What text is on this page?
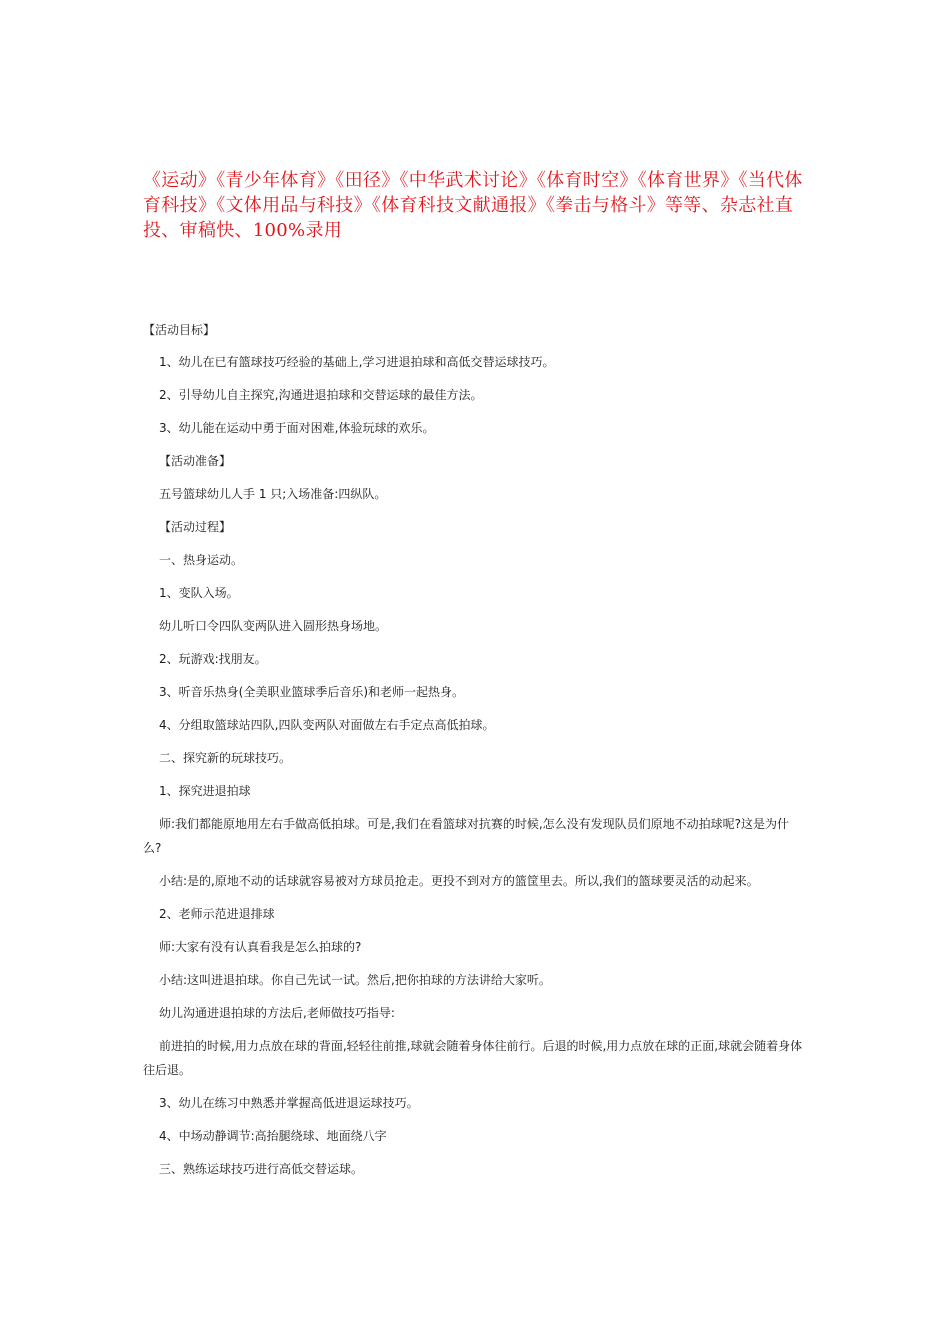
《运动》《青少年体育》《田径》《中华武术讨论》《体育时空》《体育世界》《当代体育科技》《文体用品与科技》《体育科技文献通报》《拳击与格斗》等等、杂志社直投、审稿快、100%录用

【活动目标】

1、幼儿在已有篮球技巧经验的基础上,学习进退拍球和高低交替运球技巧。

2、引导幼儿自主探究,沟通进退拍球和交替运球的最佳方法。

3、幼儿能在运动中勇于面对困难,体验玩球的欢乐。

【活动准备】

五号篮球幼儿人手 1 只;入场准备:四纵队。

【活动过程】

一、热身运动。

1、变队入场。

幼儿听口令四队变两队进入圆形热身场地。

2、玩游戏:找朋友。

3、听音乐热身(全美职业篮球季后音乐)和老师一起热身。

4、分组取篮球站四队,四队变两队对面做左右手定点高低拍球。

二、探究新的玩球技巧。

1、探究进退拍球

师:我们都能原地用左右手做高低拍球。可是,我们在看篮球对抗赛的时候,怎么没有发现队员们原地不动拍球呢?这是为什么?

小结:是的,原地不动的话球就容易被对方球员抢走。更投不到对方的篮筐里去。所以,我们的篮球要灵活的动起来。

2、老师示范进退排球

师:大家有没有认真看我是怎么拍球的?

小结:这叫进退拍球。你自己先试一试。然后,把你拍球的方法讲给大家听。

幼儿沟通进退拍球的方法后,老师做技巧指导:

前进拍的时候,用力点放在球的背面,轻轻往前推,球就会随着身体往前行。后退的时候,用力点放在球的正面,球就会随着身体往后退。

3、幼儿在练习中熟悉并掌握高低进退运球技巧。

4、中场动静调节:高抬腿绕球、地面绕八字

三、熟练运球技巧进行高低交替运球。
